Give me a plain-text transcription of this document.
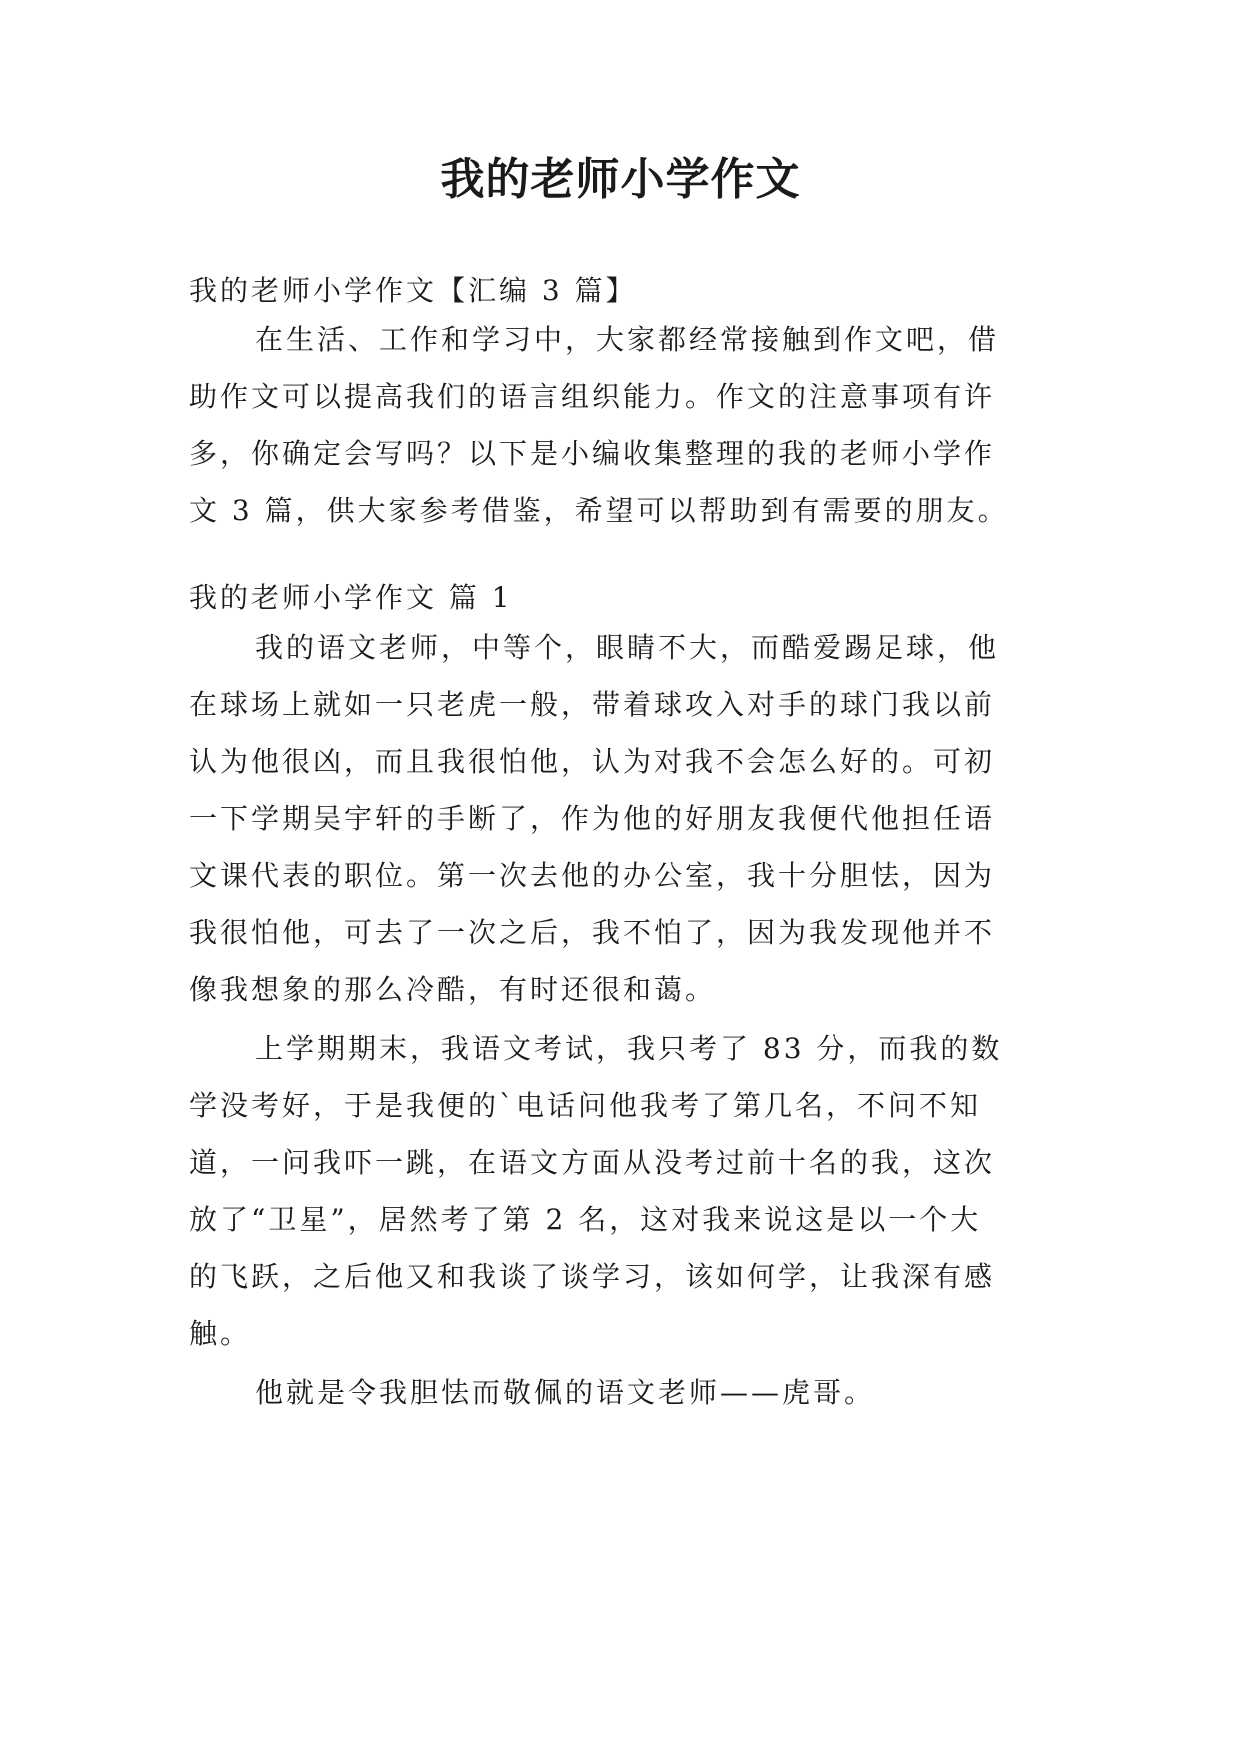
我的老师小学作文
我的老师小学作文【汇编 3 篇】
在生活、工作和学习中，大家都经常接触到作文吧，借
助作文可以提高我们的语言组织能力。作文的注意事项有许
多，你确定会写吗？以下是小编收集整理的我的老师小学作
文 3 篇，供大家参考借鉴，希望可以帮助到有需要的朋友。
我的老师小学作文 篇 1
我的语文老师，中等个，眼睛不大，而酷爱踢足球，他
在球场上就如一只老虎一般，带着球攻入对手的球门我以前
认为他很凶，而且我很怕他，认为对我不会怎么好的。可初
一下学期吴宇轩的手断了，作为他的好朋友我便代他担任语
文课代表的职位。第一次去他的办公室，我十分胆怯，因为
我很怕他，可去了一次之后，我不怕了，因为我发现他并不
像我想象的那么冷酷，有时还很和蔼。
上学期期末，我语文考试，我只考了 83 分，而我的数
学没考好，于是我便的`电话问他我考了第几名，不问不知
道，一问我吓一跳，在语文方面从没考过前十名的我，这次
放了“卫星”，居然考了第 2 名，这对我来说这是以一个大
的飞跃，之后他又和我谈了谈学习，该如何学，让我深有感
触。
他就是令我胆怯而敬佩的语文老师——虎哥。
